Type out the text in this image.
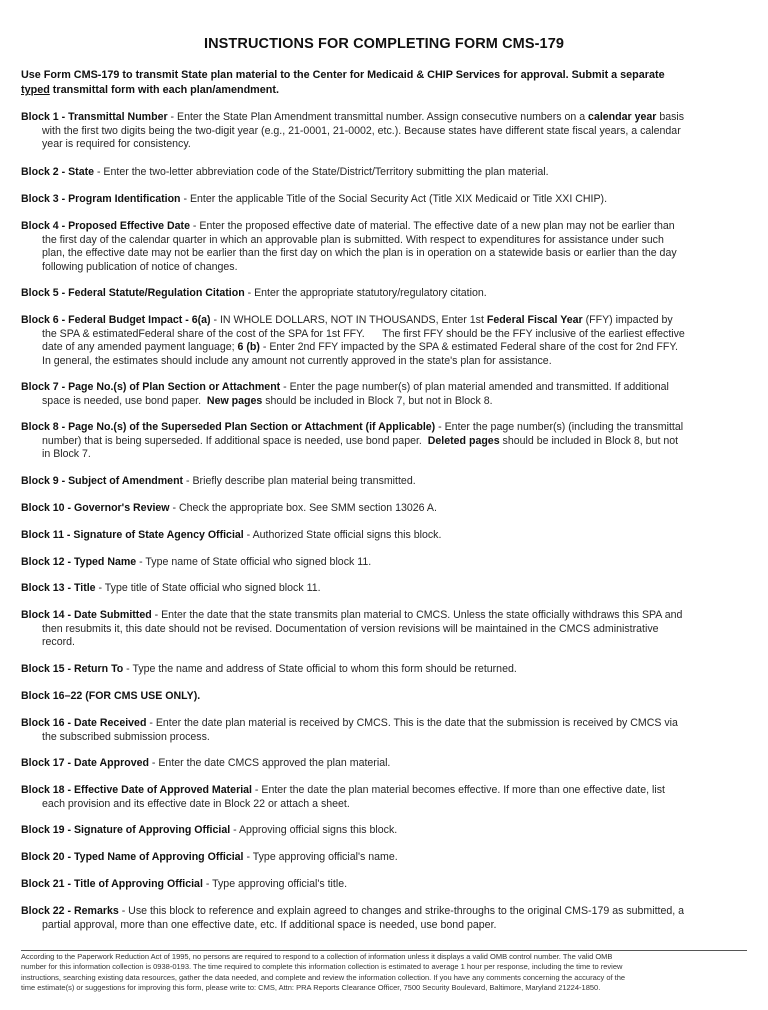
INSTRUCTIONS FOR COMPLETING FORM CMS-179
Use Form CMS-179 to transmit State plan material to the Center for Medicaid & CHIP Services for approval. Submit a separate
typed transmittal form with each plan/amendment.
Block 1 - Transmittal Number - Enter the State Plan Amendment transmittal number. Assign consecutive numbers on a calendar year basis
with the first two digits being the two-digit year (e.g., 21-0001, 21-0002, etc.). Because states have different state fiscal years, a calendar
year is required for consistency.
Block 2 - State - Enter the two-letter abbreviation code of the State/District/Territory submitting the plan material.
Block 3 - Program Identification - Enter the applicable Title of the Social Security Act (Title XIX Medicaid or Title XXI CHIP).
Block 4 - Proposed Effective Date - Enter the proposed effective date of material. The effective date of a new plan may not be earlier than
the first day of the calendar quarter in which an approvable plan is submitted. With respect to expenditures for assistance under such
plan, the effective date may not be earlier than the first day on which the plan is in operation on a statewide basis or earlier than the day
following publication of notice of changes.
Block 5 - Federal Statute/Regulation Citation - Enter the appropriate statutory/regulatory citation.
Block 6 - Federal Budget Impact - 6(a) - IN WHOLE DOLLARS, NOT IN THOUSANDS, Enter 1st Federal Fiscal Year (FFY) impacted by
the SPA & estimatedFederal share of the cost of the SPA for 1st FFY.      The first FFY should be the FFY inclusive of the earliest effective
date of any amended payment language; 6 (b) - Enter 2nd FFY impacted by the SPA & estimated Federal share of the cost for 2nd FFY.
In general, the estimates should include any amount not currently approved in the state's plan for assistance.
Block 7 - Page No.(s) of Plan Section or Attachment - Enter the page number(s) of plan material amended and transmitted. If additional
space is needed, use bond paper.  New pages should be included in Block 7, but not in Block 8.
Block 8 - Page No.(s) of the Superseded Plan Section or Attachment (if Applicable) - Enter the page number(s) (including the transmittal
number) that is being superseded. If additional space is needed, use bond paper.  Deleted pages should be included in Block 8, but not
in Block 7.
Block 9 - Subject of Amendment - Briefly describe plan material being transmitted.
Block 10 - Governor's Review - Check the appropriate box. See SMM section 13026 A.
Block 11 - Signature of State Agency Official - Authorized State official signs this block.
Block 12 - Typed Name - Type name of State official who signed block 11.
Block 13 - Title - Type title of State official who signed block 11.
Block 14 - Date Submitted - Enter the date that the state transmits plan material to CMCS. Unless the state officially withdraws this SPA and
then resubmits it, this date should not be revised. Documentation of version revisions will be maintained in the CMCS administrative
record.
Block 15 - Return To - Type the name and address of State official to whom this form should be returned.
Block 16–22 (FOR CMS USE ONLY).
Block 16 - Date Received - Enter the date plan material is received by CMCS. This is the date that the submission is received by CMCS via
the subscribed submission process.
Block 17 - Date Approved - Enter the date CMCS approved the plan material.
Block 18 - Effective Date of Approved Material - Enter the date the plan material becomes effective. If more than one effective date, list
each provision and its effective date in Block 22 or attach a sheet.
Block 19 - Signature of Approving Official - Approving official signs this block.
Block 20 - Typed Name of Approving Official - Type approving official's name.
Block 21 - Title of Approving Official - Type approving official's title.
Block 22 - Remarks - Use this block to reference and explain agreed to changes and strike-throughs to the original CMS-179 as submitted, a
partial approval, more than one effective date, etc. If additional space is needed, use bond paper.
According to the Paperwork Reduction Act of 1995, no persons are required to respond to a collection of information unless it displays a valid OMB control number. The valid OMB
number for this information collection is 0938-0193. The time required to complete this information collection is estimated to average 1 hour per response, including the time to review
instructions, searching existing data resources, gather the data needed, and complete and review the information collection. If you have any comments concerning the accuracy of the
time estimate(s) or suggestions for improving this form, please write to: CMS, Attn: PRA Reports Clearance Officer, 7500 Security Boulevard, Baltimore, Maryland 21224-1850.
